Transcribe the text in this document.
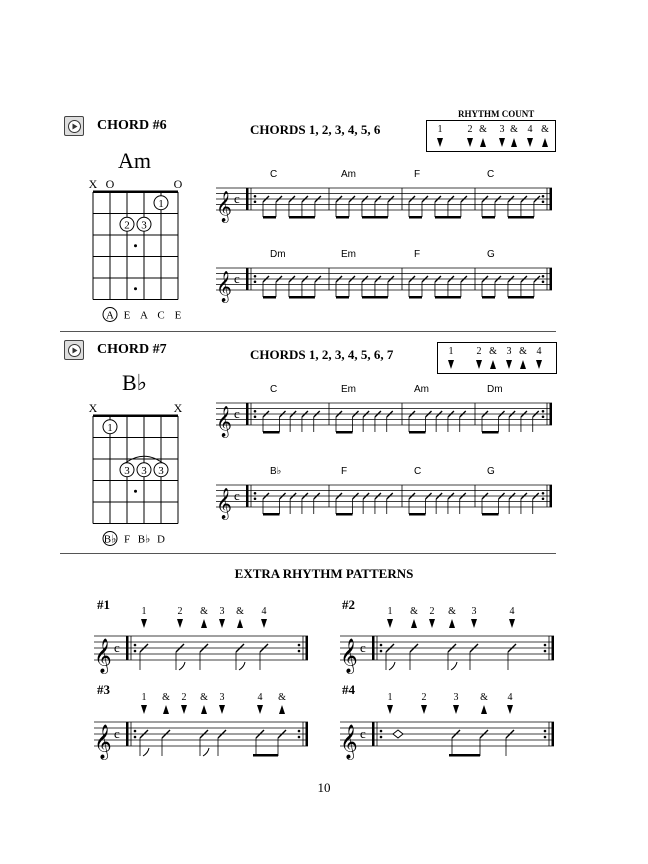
CHORD #6	CHORDS 1, 2, 3, 4, 5, 6
RHYTHM COUNT
1	2 & 3 & 4 &
Am
X O	O
1
2 3
A E A C E
𝄞 c
C	Am	F	C
𝄞 c
Dm	Em	F	G
CHORD #7	CHORDS 1, 2, 3, 4, 5, 6, 7	1 2 & 3 & 4
B♭
X	X
1
3 3 3
B♭ F B♭ D
𝄞 c
C	Em	Am	Dm
𝄞 c
B♭	F	C	G
EXTRA RHYTHM PATTERNS
#1	#2
#3	#4
𝄞 c
1	2 & 3 & 4
𝄞 c
1 & 2 & 3	4
𝄞 c
1 & 2 & 3	4 &
𝄞 c
1	2	3 & 4
10
